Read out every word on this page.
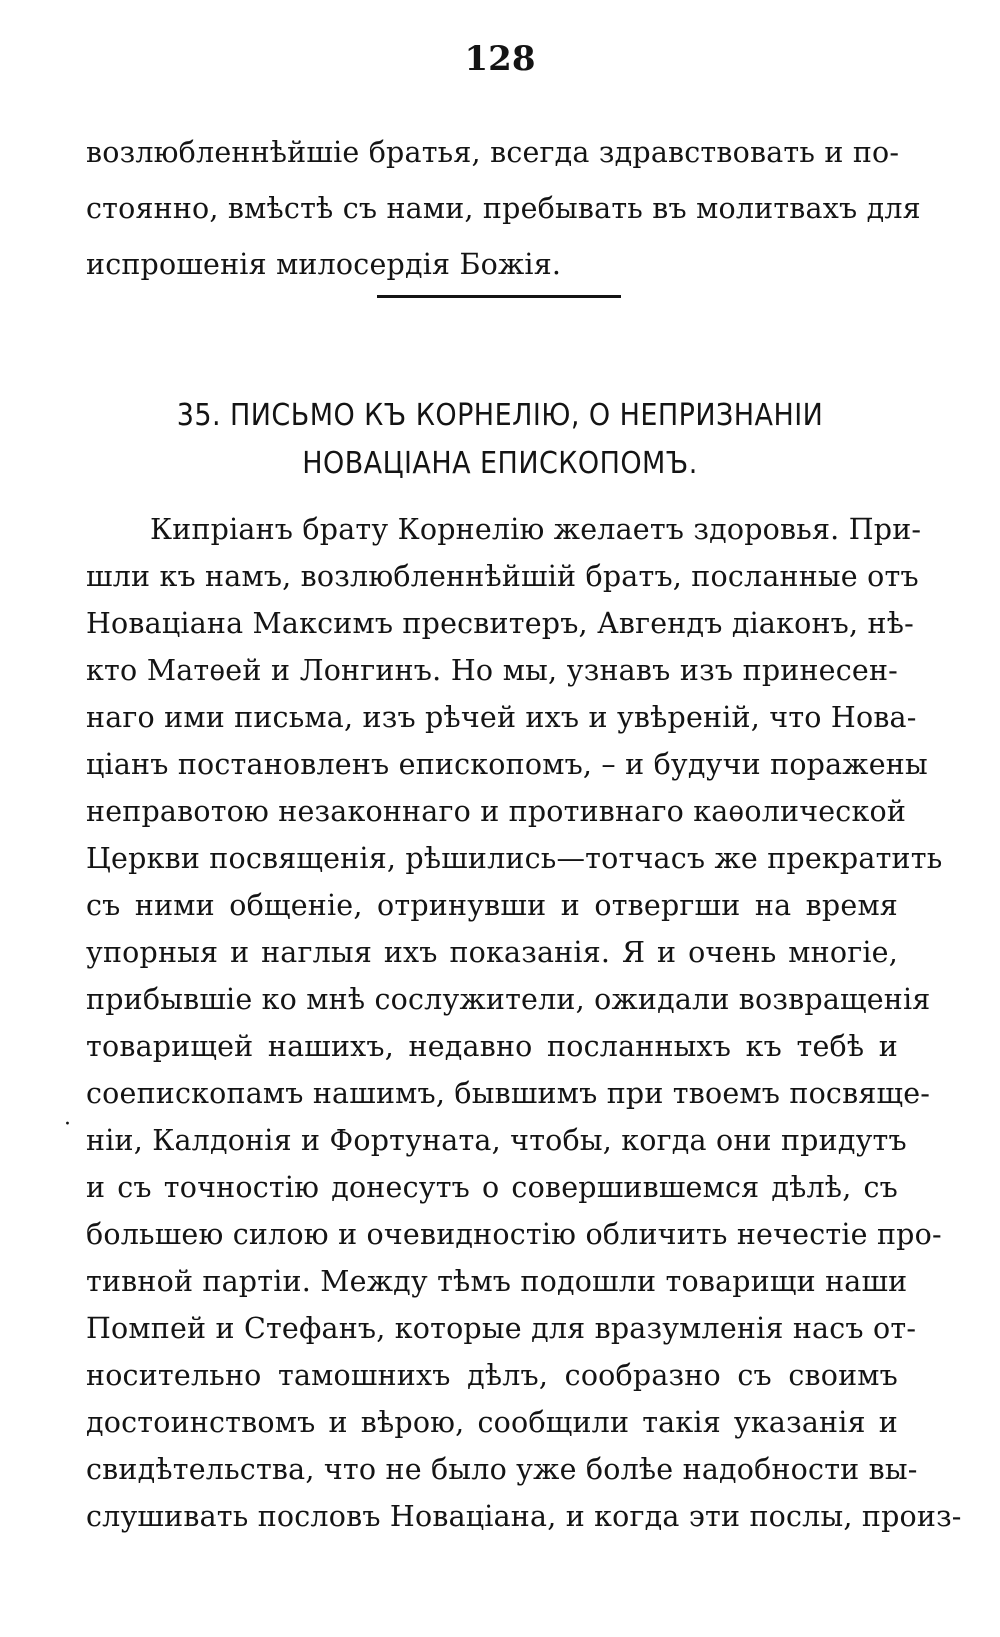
128
возлюбленнѣйшіе братья, всегда здравствовать и по-
стоянно, вмѣстѣ съ нами, пребывать въ молитвахъ для
испрошенія милосердія Божія.
35. ПИСЬМО КЪ КОРНЕЛІЮ, О НЕПРИЗНАНІИ
НОВАЦІАНА ЕПИСКОПОМЪ.
Кипріанъ брату Корнелію желаетъ здоровья. При-
шли къ намъ, возлюбленнѣйшій братъ, посланные отъ
Новаціана Максимъ пресвитеръ, Авгендъ діаконъ, нѣ-
кто Матѳей и Лонгинъ. Но мы, узнавъ изъ принесен-
наго ими письма, изъ рѣчей ихъ и увѣреній, что Нова-
ціанъ постановленъ епископомъ, – и будучи поражены
неправотою незаконнаго и противнаго каѳолической
Церкви посвященія, рѣшились—тотчасъ же прекратить
съ ними общеніе, отринувши и отвергши на время
упорныя и наглыя ихъ показанія. Я и очень многіе,
прибывшіе ко мнѣ сослужители, ожидали возвращенія
товарищей нашихъ, недавно посланныхъ къ тебѣ и
соепископамъ нашимъ, бывшимъ при твоемъ посвяще-
ніи, Калдонія и Фортуната, чтобы, когда они придутъ
и съ точностію донесутъ о совершившемся дѣлѣ, съ
большею силою и очевидностію обличить нечестіе про-
тивной партіи. Между тѣмъ подошли товарищи наши
Помпей и Стефанъ, которые для вразумленія насъ от-
носительно тамошнихъ дѣлъ, сообразно съ своимъ
достоинствомъ и вѣрою, сообщили такія указанія и
свидѣтельства, что не было уже болѣе надобности вы-
слушивать пословъ Новаціана, и когда эти послы, произ-
·
